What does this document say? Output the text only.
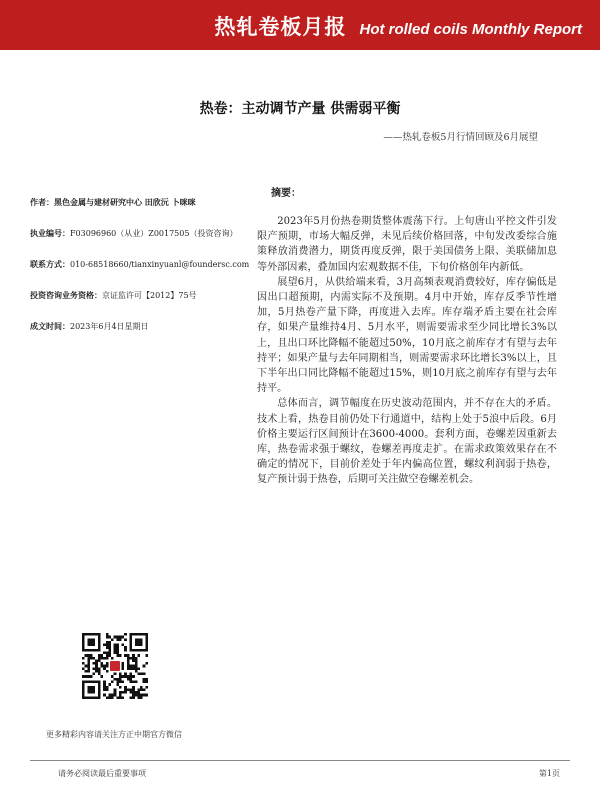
热轧卷板月报 Hot rolled coils Monthly Report
热卷：主动调节产量 供需弱平衡
——热轧卷板5月行情回顾及6月展望
作者：黑色金属与建材研究中心 田欣沅 卜咪咪
执业编号：F03096960（从业）Z0017505（投资咨询）
联系方式：010-68518660/tianxinyuanl@foundersc.com
投资咨询业务资格：京证监许可【2012】75号
成文时间：2023年6月4日星期日
摘要：

2023年5月份热卷期货整体震荡下行。上旬唐山平控文件引发限产预期，市场大幅反弹，未见后续价格回落，中旬发改委综合施策释放消费潜力，期货再度反弹，限于美国债务上限、美联储加息等外部因素，叠加国内宏观数据不佳，下旬价格创年内新低。

展望6月，从供给端来看，3月高频表观消费较好，库存偏低是因出口超预期，内需实际不及预期。4月中开始，库存反季节性增加，5月热卷产量下降，再度进入去库。库存端矛盾主要在社会库存，如果产量维持4月、5月水平，则需要需求至少同比增长3%以上，且出口环比降幅不能超过50%，10月底之前库存才有望与去年持平；如果产量与去年同期相当，则需要需求环比增长3%以上，且下半年出口同比降幅不能超过15%，则10月底之前库存有望与去年持平。

总体而言，调节幅度在历史波动范围内，并不存在大的矛盾。技术上看，热卷目前仍处下行通道中，结构上处于5浪中后段。6月价格主要运行区间预计在3600-4000。套利方面，卷螺差因重新去库，热卷需求强于螺纹，卷螺差再度走扩。在需求政策效果存在不确定的情况下，目前价差处于年内偏高位置，螺纹利润弱于热卷，复产预计弱于热卷，后期可关注做空卷螺差机会。

更多精彩内容请关注方正中期官方微信
请务必阅读最后重要事项	第1页
